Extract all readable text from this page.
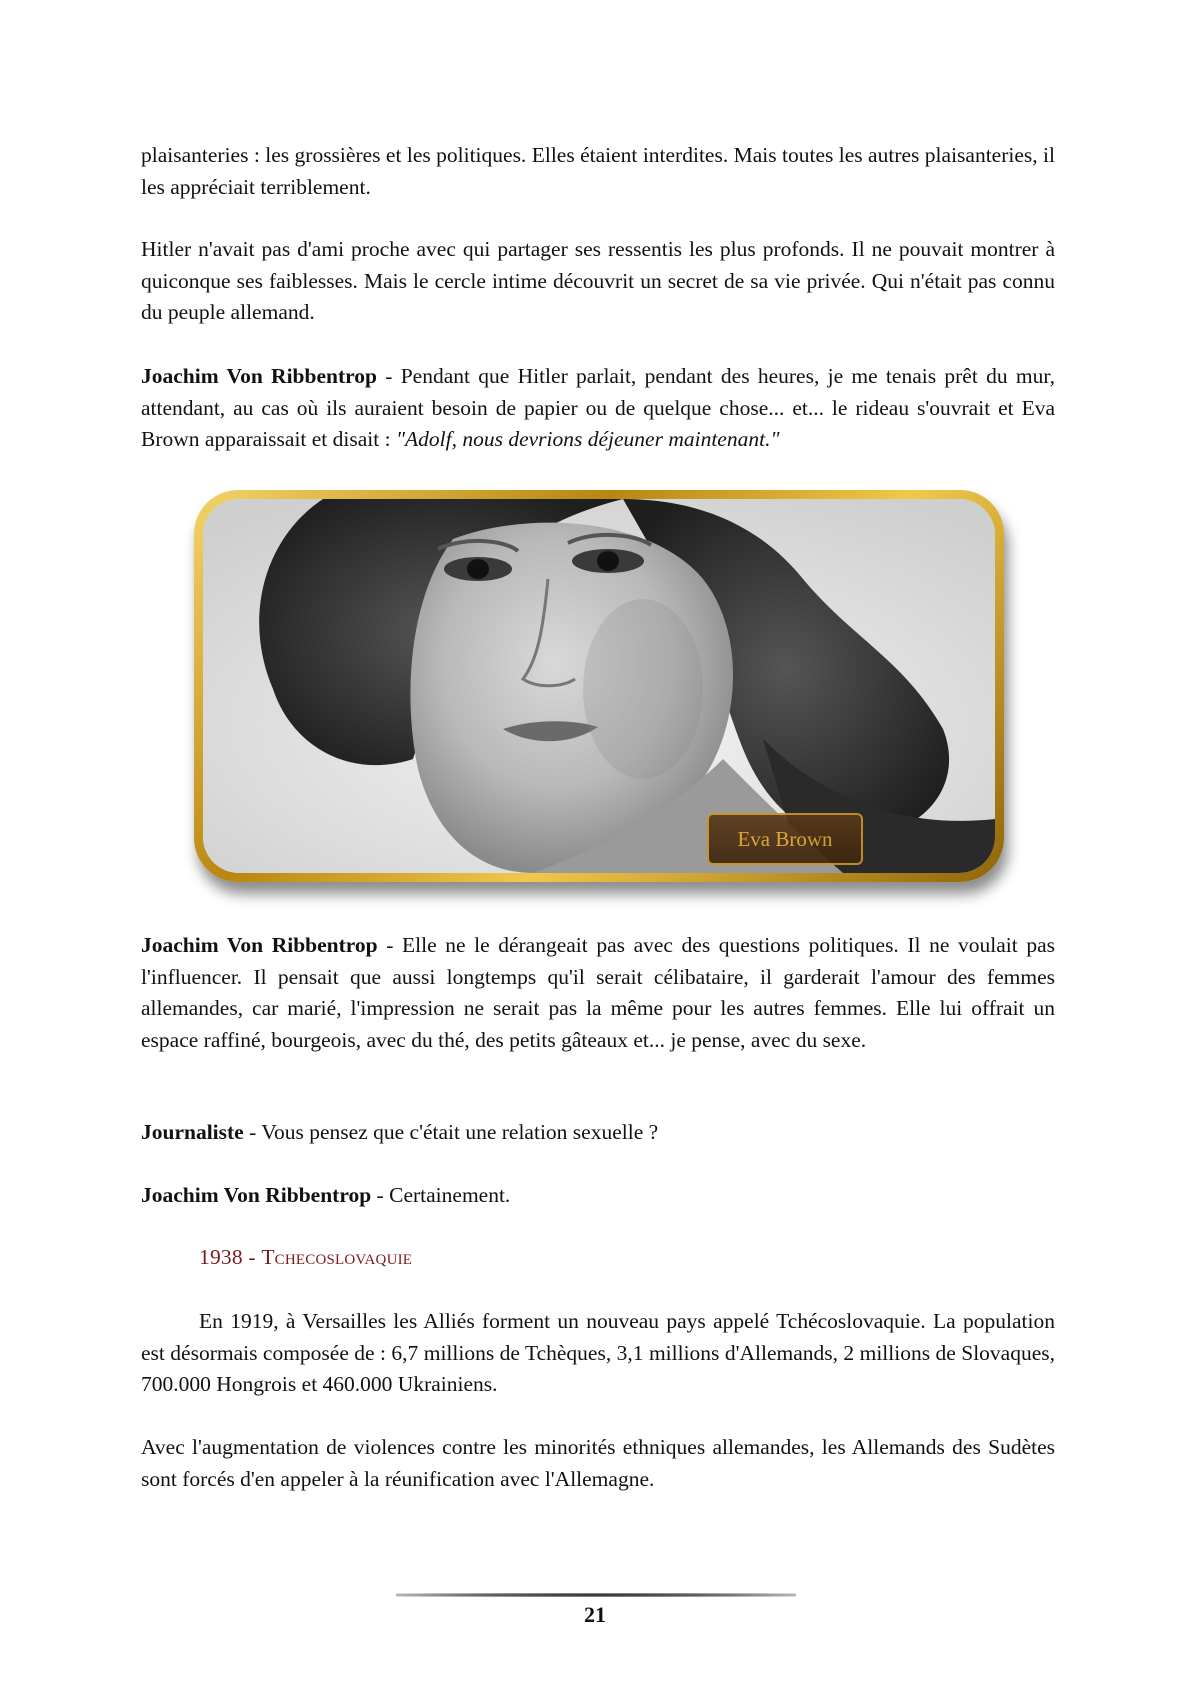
plaisanteries : les grossières et les politiques. Elles étaient interdites. Mais toutes les autres plaisanteries, il les appréciait terriblement.

Hitler n'avait pas d'ami proche avec qui partager ses ressentis les plus profonds. Il ne pouvait montrer à quiconque ses faiblesses. Mais le cercle intime découvrit un secret de sa vie privée. Qui n'était pas connu du peuple allemand.

Joachim Von Ribbentrop - Pendant que Hitler parlait, pendant des heures, je me tenais prêt du mur, attendant, au cas où ils auraient besoin de papier ou de quelque chose... et... le rideau s'ouvrait et Eva Brown apparaissait et disait : "Adolf, nous devrions déjeuner maintenant."

Eva Brown

Joachim Von Ribbentrop - Elle ne le dérangeait pas avec des questions politiques. Il ne voulait pas l'influencer. Il pensait que aussi longtemps qu'il serait célibataire, il garderait l'amour des femmes allemandes, car marié, l'impression ne serait pas la même pour les autres femmes. Elle lui offrait un espace raffiné, bourgeois, avec du thé, des petits gâteaux et... je pense, avec du sexe.

Journaliste - Vous pensez que c'était une relation sexuelle ?

Joachim Von Ribbentrop - Certainement.

1938 - Tchecoslovaquie

En 1919, à Versailles les Alliés forment un nouveau pays appelé Tchécoslovaquie. La population est désormais composée de : 6,7 millions de Tchèques, 3,1 millions d'Allemands, 2 millions de Slovaques, 700.000 Hongrois et 460.000 Ukrainiens.

Avec l'augmentation de violences contre les minorités ethniques allemandes, les Allemands des Sudètes sont forcés d'en appeler à la réunification avec l'Allemagne.

21
